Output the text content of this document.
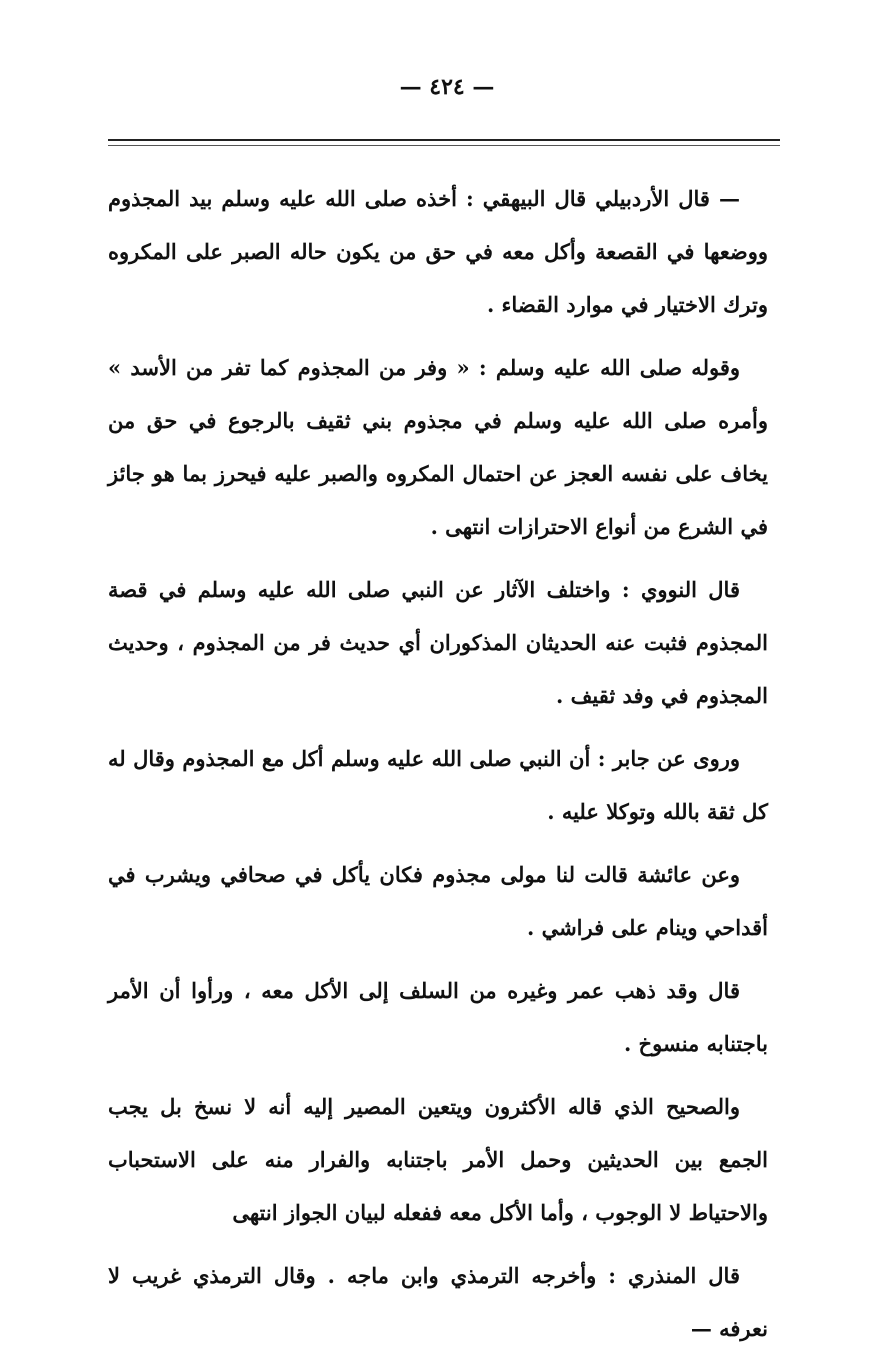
— ٤٢٤ —

— قال الأردبيلي قال البيهقي : أخذه صلى الله عليه وسلم بيد المجذوم ووضعها في القصعة وأكل معه في حق من يكون حاله الصبر على المكروه وترك الاختيار في موارد القضاء .

وقوله صلى الله عليه وسلم : « وفر من المجذوم كما تفر من الأسد » وأمره صلى الله عليه وسلم في مجذوم بني ثقيف بالرجوع في حق من يخاف على نفسه العجز عن احتمال المكروه والصبر عليه فيحرز بما هو جائز في الشرع من أنواع الاحترازات انتهى .

قال النووي : واختلف الآثار عن النبي صلى الله عليه وسلم في قصة المجذوم فثبت عنه الحديثان المذكوران أي حديث فر من المجذوم ، وحديث المجذوم في وفد ثقيف .

وروى عن جابر : أن النبي صلى الله عليه وسلم أكل مع المجذوم وقال له كل ثقة بالله وتوكلا عليه .

وعن عائشة قالت لنا مولى مجذوم فكان يأكل في صحافي ويشرب في أقداحي وينام على فراشي .

قال وقد ذهب عمر وغيره من السلف إلى الأكل معه ، ورأوا أن الأمر باجتنابه منسوخ .

والصحيح الذي قاله الأكثرون ويتعين المصير إليه أنه لا نسخ بل يجب الجمع بين الحديثين وحمل الأمر باجتنابه والفرار منه على الاستحباب والاحتياط لا الوجوب ، وأما الأكل معه ففعله لبيان الجواز انتهى

قال المنذري : وأخرجه الترمذي وابن ماجه . وقال الترمذي غريب لا نعرفه —
